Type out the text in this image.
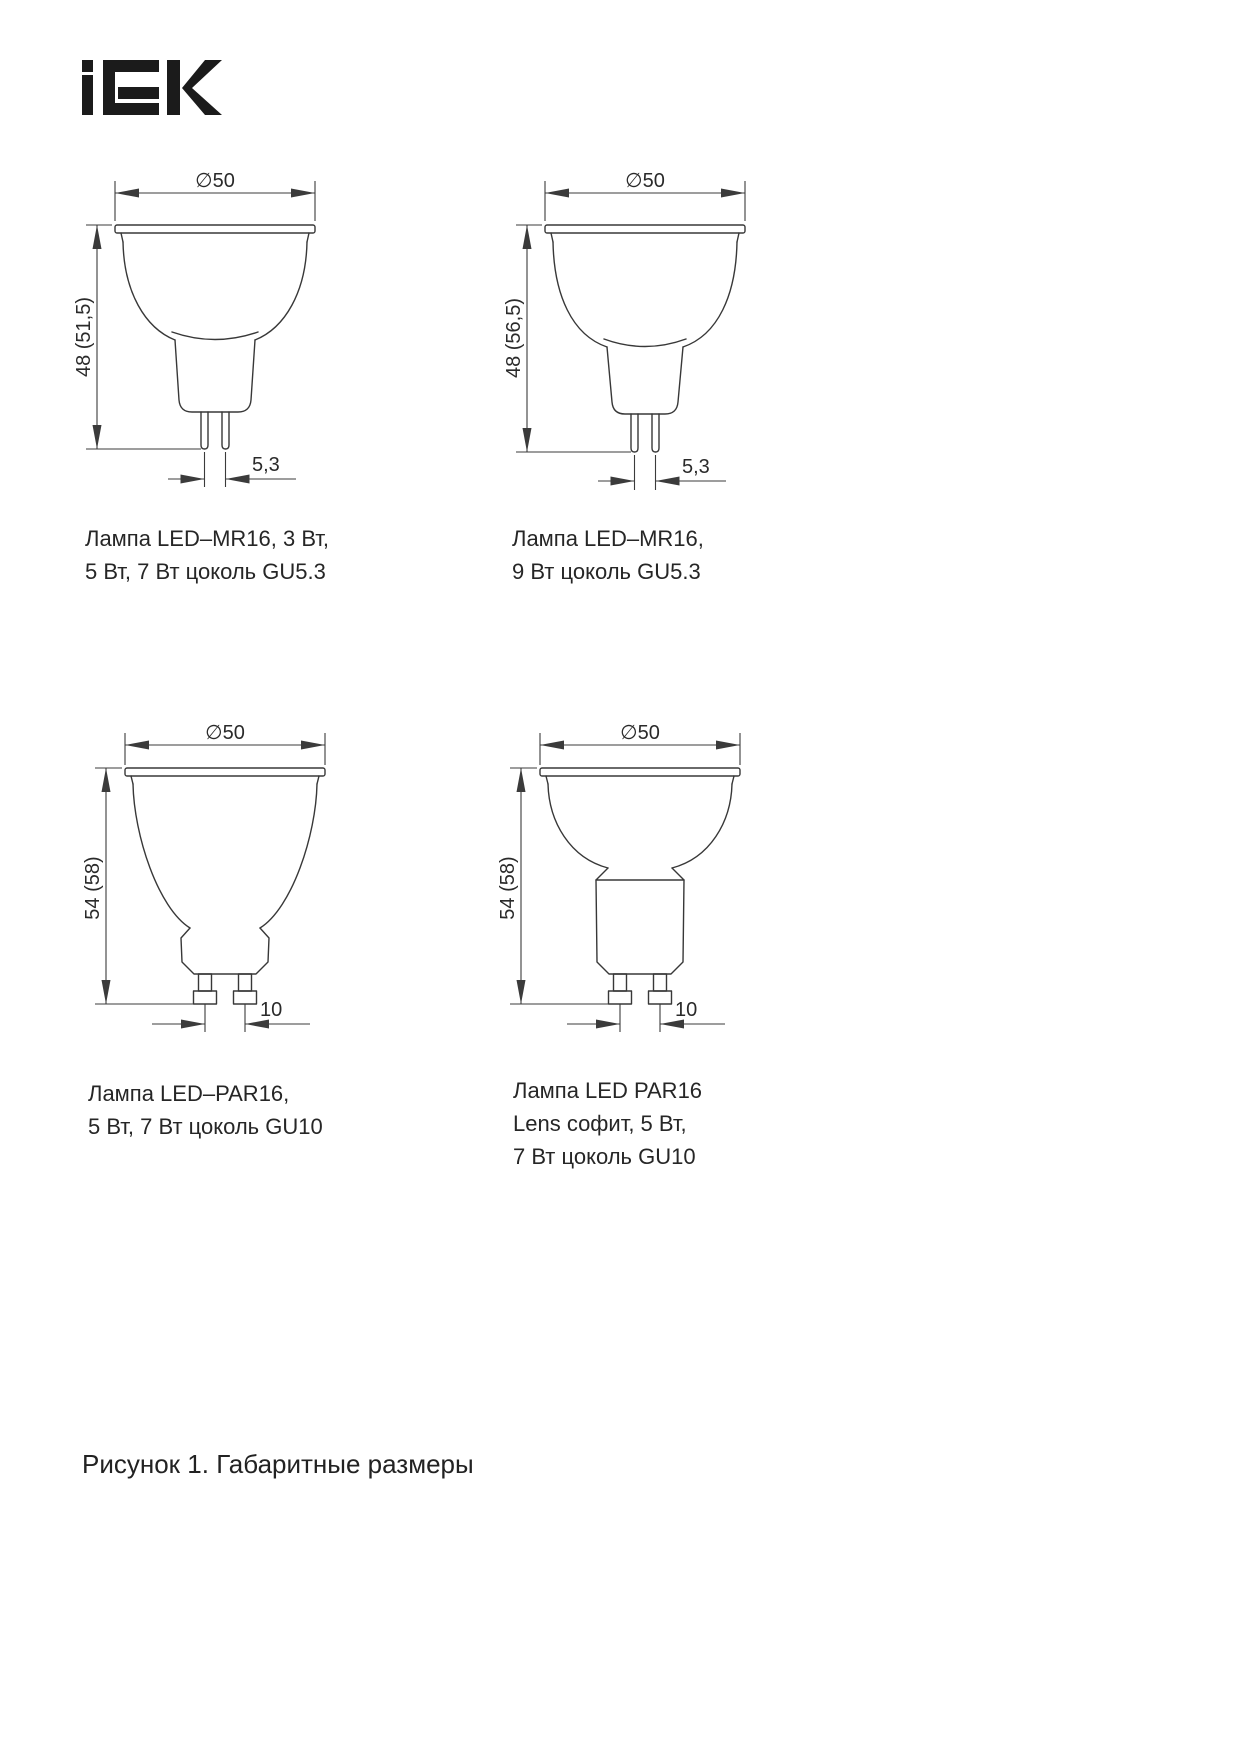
∅50
48 (51,5)
5,3
∅50
48 (56,5)
5,3
∅50
54 (58)
10
∅50
54 (58)
10
Лампа LED–MR16, 3 Вт,
5 Вт, 7 Вт цоколь GU5.3
Лампа LED–MR16,
9 Вт цоколь GU5.3
Лампа LED–PAR16,
5 Вт, 7 Вт цоколь GU10
Лампа LED PAR16
Lens софит, 5 Вт,
7 Вт цоколь GU10
Рисунок 1. Габаритные размеры
